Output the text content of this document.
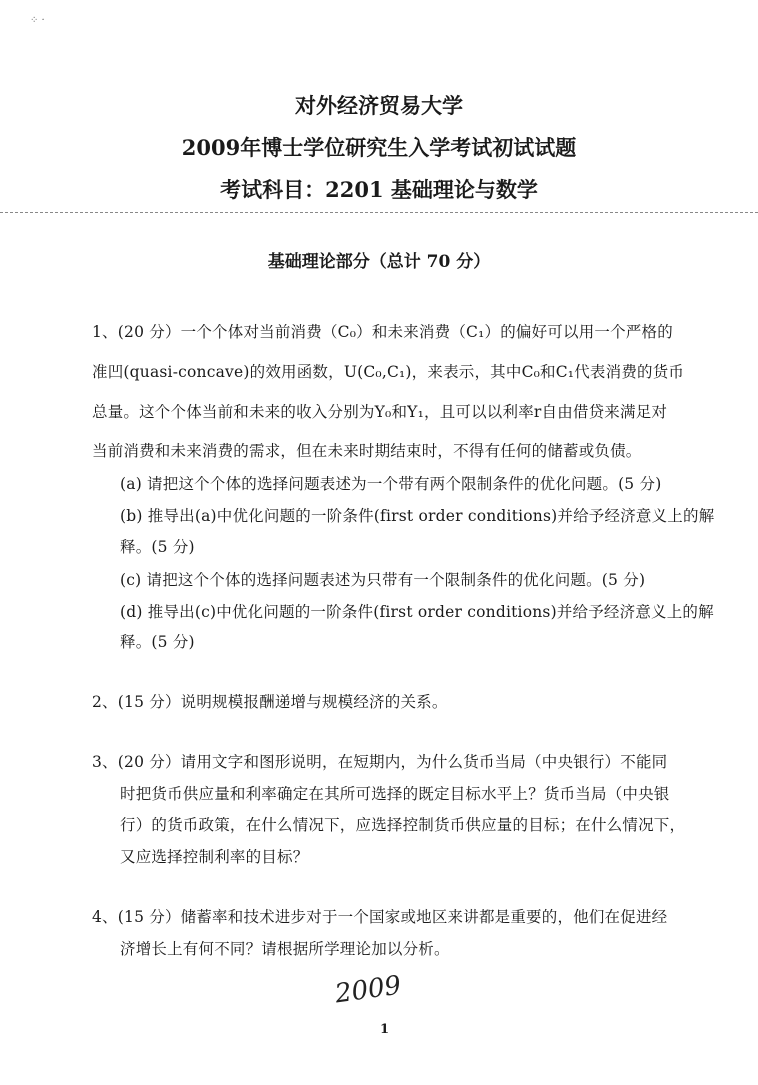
⁘ ·
对外经济贸易大学
2009年博士学位研究生入学考试初试试题
考试科目：2201 基础理论与数学
基础理论部分（总计 70 分）
1、(20 分）一个个体对当前消费（C₀）和未来消费（C₁）的偏好可以用一个严格的
准凹(quasi-concave)的效用函数，U(C₀,C₁)，来表示，其中C₀和C₁代表消费的货币
总量。这个个体当前和未来的收入分别为Y₀和Y₁，且可以以利率r自由借贷来满足对
当前消费和未来消费的需求，但在未来时期结束时，不得有任何的储蓄或负债。
(a) 请把这个个体的选择问题表述为一个带有两个限制条件的优化问题。(5 分)
(b) 推导出(a)中优化问题的一阶条件(first order conditions)并给予经济意义上的解
释。(5 分)
(c) 请把这个个体的选择问题表述为只带有一个限制条件的优化问题。(5 分)
(d) 推导出(c)中优化问题的一阶条件(first order conditions)并给予经济意义上的解
释。(5 分)
2、(15 分）说明规模报酬递增与规模经济的关系。
3、(20 分）请用文字和图形说明，在短期内，为什么货币当局（中央银行）不能同
时把货币供应量和利率确定在其所可选择的既定目标水平上？货币当局（中央银
行）的货币政策，在什么情况下，应选择控制货币供应量的目标；在什么情况下，
又应选择控制利率的目标？
4、(15 分）储蓄率和技术进步对于一个国家或地区来讲都是重要的，他们在促进经
济增长上有何不同？请根据所学理论加以分析。
2009
1
